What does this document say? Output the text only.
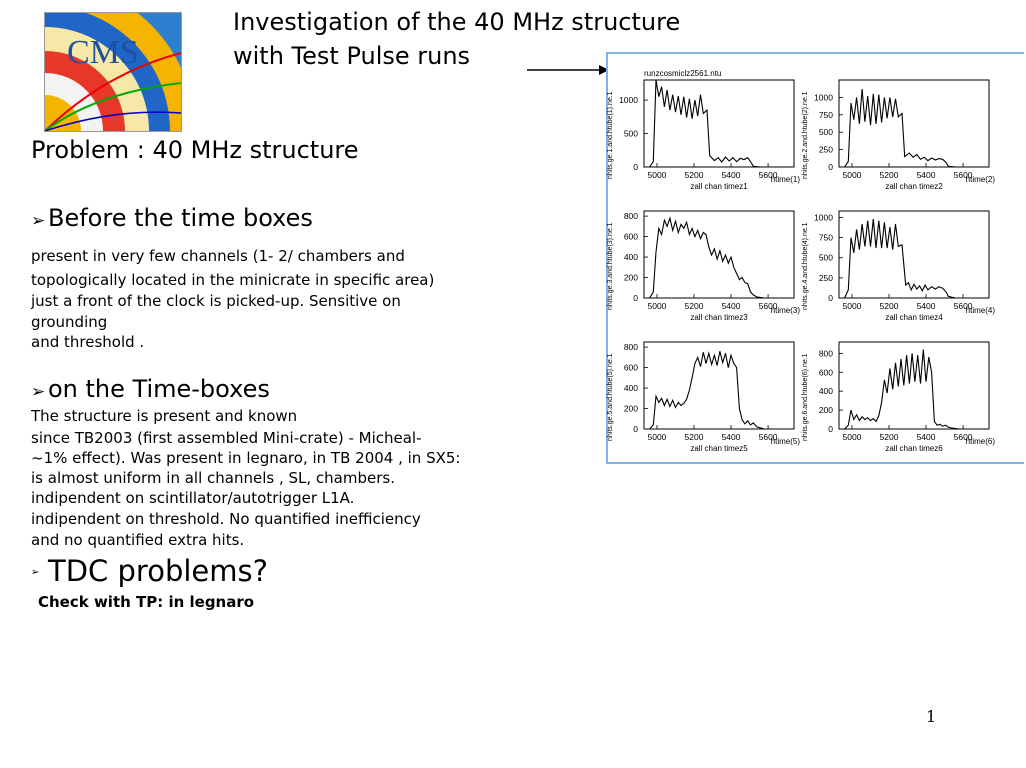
CMS
Investigation of the 40 MHz structure
with Test Pulse runs
Problem : 40 MHz structure
➢ Before the time boxes
present in very few channels (1- 2/ chambers and
topologically located in the minicrate in specific area)
just a front of the clock is picked-up. Sensitive on
grounding
and threshold .
➢ on the Time-boxes
The structure is present and known
since TB2003 (first assembled Mini-crate) - Micheal-
~1% effect). Was present in legnaro, in TB 2004 , in SX5:
is almost uniform in all channels , SL, chambers.
indipendent on scintillator/autotrigger L1A.
indipendent on threshold. No quantified inefficiency
and no quantified extra hits.
➢ TDC problems?
Check with TP: in legnaro
runzcosmiclz2561.ntu
5000 5200 5400 5600
0
500
1000
zall chan timez1
htime(1)
nhits.ge.1.and.htube(1).ne.1	5000 5200 5400 5600
0
250
500
750
1000
zall chan timez2
htime(2)
nhits.ge.2.and.htube(2).ne.1
5000 5200 5400 5600
0
200
400
600
800
zall chan timez3
htime(3)
nhits.ge.3.and.htube(3).ne.1	5000 5200 5400 5600
0
250
500
750
1000
zall chan timez4
htime(4)
nhits.ge.4.and.htube(4).ne.1
5000 5200 5400 5600
0
200
400
600
800
zall chan timez5
htime(5)
nhits.ge.5.and.htube(5).ne.1	5000 5200 5400 5600
0
200
400
600
800
zall chan timez6
htime(6)
nhits.ge.6.and.htube(6).ne.1
1
